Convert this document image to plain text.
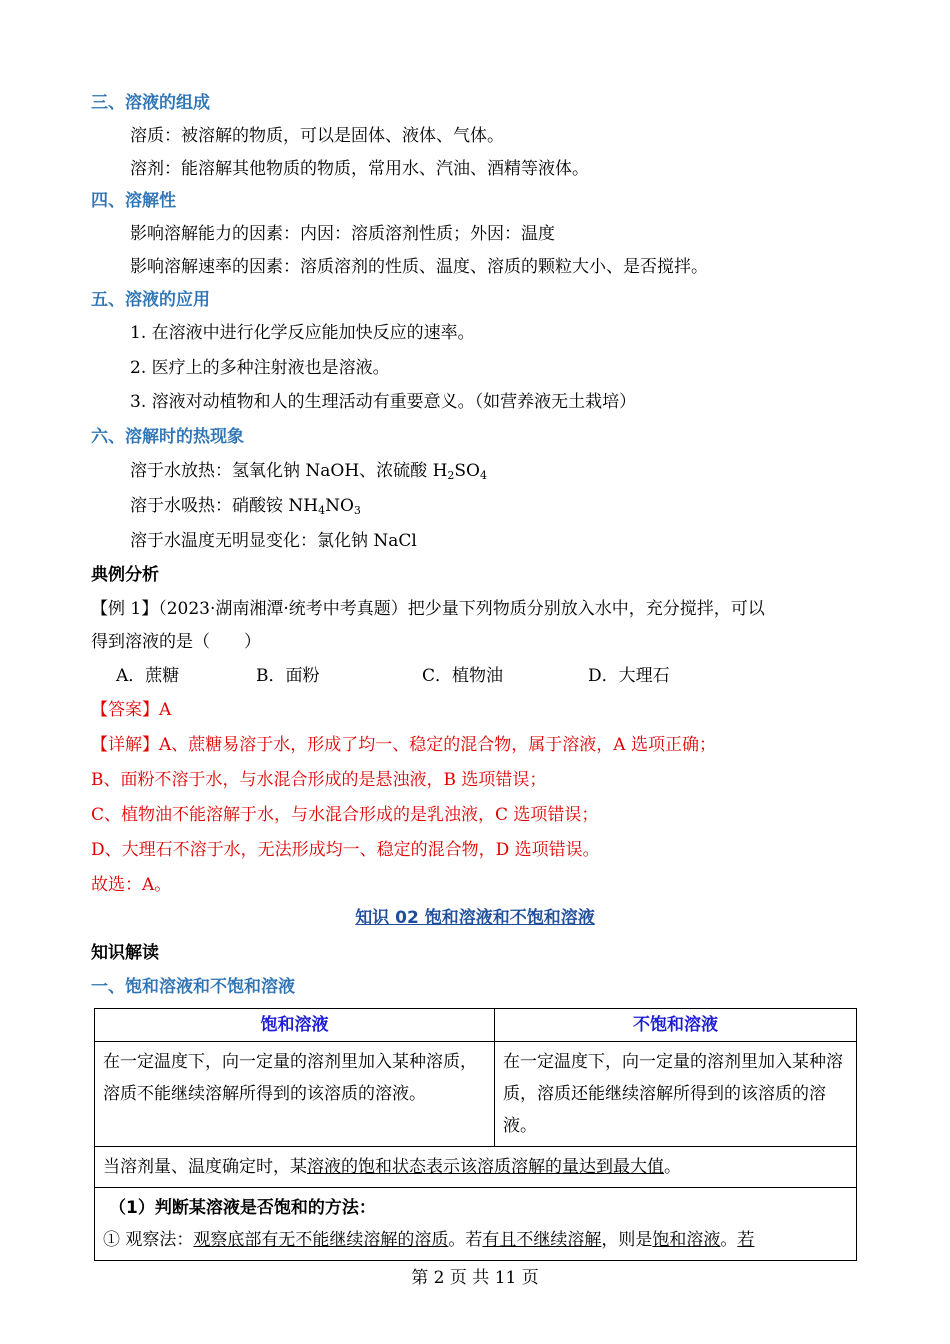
三、溶液的组成
溶质：被溶解的物质，可以是固体、液体、气体。
溶剂：能溶解其他物质的物质，常用水、汽油、酒精等液体。
四、溶解性
影响溶解能力的因素：内因：溶质溶剂性质；外因：温度
影响溶解速率的因素：溶质溶剂的性质、温度、溶质的颗粒大小、是否搅拌。
五、溶液的应用
1. 在溶液中进行化学反应能加快反应的速率。
2. 医疗上的多种注射液也是溶液。
3. 溶液对动植物和人的生理活动有重要意义。（如营养液无土栽培）
六、溶解时的热现象
溶于水放热：氢氧化钠 NaOH、浓硫酸 $H_2SO_4$
溶于水吸热：硝酸铵 $NH_4NO_3$
溶于水温度无明显变化：氯化钠 NaCl
典例分析
【例 1】（2023·湖南湘潭·统考中考真题）把少量下列物质分别放入水中，充分搅拌，可以
得到溶液的是（　　）
A．蔗糖	B．面粉	C．植物油	D．大理石
【答案】A
【详解】A、蔗糖易溶于水，形成了均一、稳定的混合物，属于溶液，A 选项正确；
B、面粉不溶于水，与水混合形成的是悬浊液，B 选项错误；
C、植物油不能溶解于水，与水混合形成的是乳浊液，C 选项错误；
D、大理石不溶于水，无法形成均一、稳定的混合物，D 选项错误。
故选：A。
知识 02 饱和溶液和不饱和溶液
知识解读
一、饱和溶液和不饱和溶液
饱和溶液	不饱和溶液
在一定温度下，向一定量的溶剂里加入某种溶质，溶质不能继续溶解所得到的该溶质的溶液。	在一定温度下，向一定量的溶剂里加入某种溶质，溶质还能继续溶解所得到的该溶质的溶液。
当溶剂量、温度确定时，某溶液的饱和状态表示该溶质溶解的量达到最大值。	

（1）判断某溶液是否饱和的方法：
① 观察法：观察底部有无不能继续溶解的溶质。若有且不继续溶解，则是饱和溶液。若	
第 2 页 共 11 页
